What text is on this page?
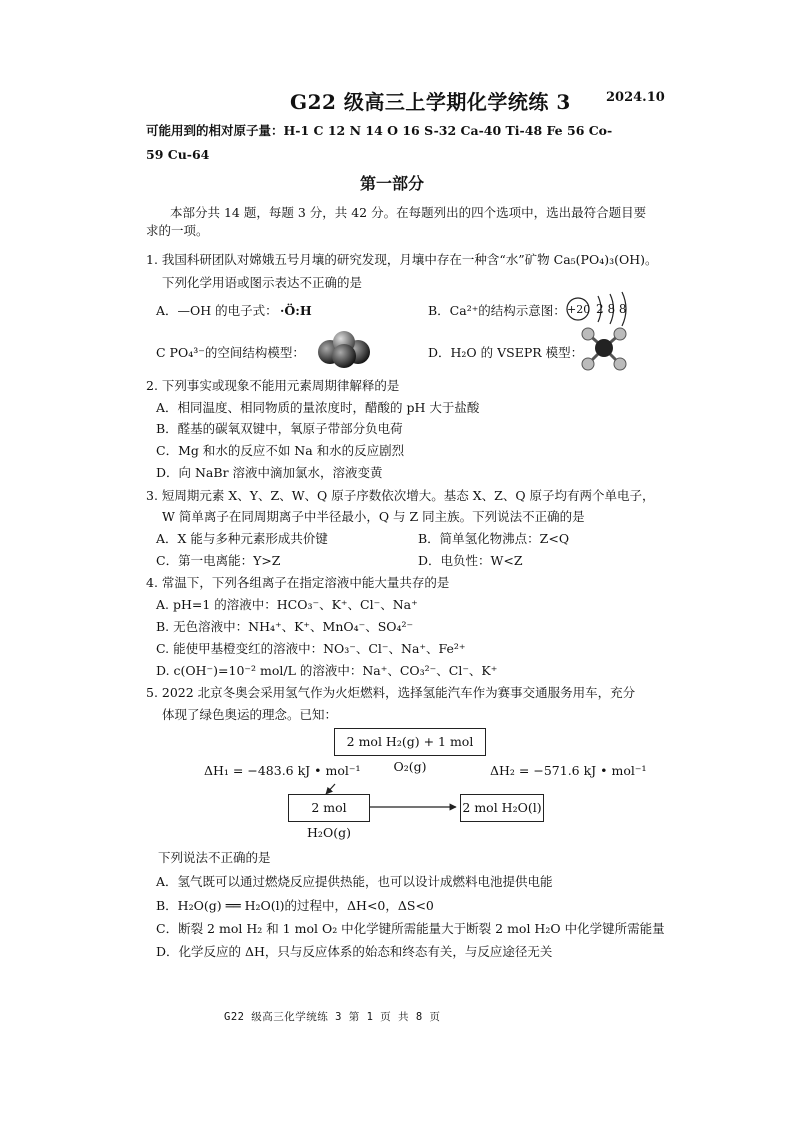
G22 级高三上学期化学统练 3	2024.10
可能用到的相对原子量：H-1 C 12 N 14 O 16 S-32 Ca-40 Ti-48 Fe 56 Co-
59 Cu-64
第一部分
本部分共 14 题，每题 3 分，共 42 分。在每题列出的四个选项中，选出最符合题目要
求的一项。
1. 我国科研团队对嫦娥五号月壤的研究发现，月壤中存在一种含“水”矿物 Ca₅(PO₄)₃(OH)。
下列化学用语或图示表达不正确的是
A．—OH 的电子式： ·Ö:H	B．Ca²⁺的结构示意图： +20 2 8 8
C PO₄³⁻的空间结构模型：	D．H₂O 的 VSEPR 模型：
2. 下列事实或现象不能用元素周期律解释的是
A．相同温度、相同物质的量浓度时，醋酸的 pH 大于盐酸
B．醛基的碳氧双键中，氧原子带部分负电荷
C．Mg 和水的反应不如 Na 和水的反应剧烈
D．向 NaBr 溶液中滴加氯水，溶液变黄
3. 短周期元素 X、Y、Z、W、Q 原子序数依次增大。基态 X、Z、Q 原子均有两个单电子，
W 简单离子在同周期离子中半径最小，Q 与 Z 同主族。下列说法不正确的是
A．X 能与多种元素形成共价键	B．简单氢化物沸点：Z<Q
C．第一电离能：Y>Z	D．电负性：W<Z
4. 常温下，下列各组离子在指定溶液中能大量共存的是
A. pH=1 的溶液中：HCO₃⁻、K⁺、Cl⁻、Na⁺
B. 无色溶液中：NH₄⁺、K⁺、MnO₄⁻、SO₄²⁻
C. 能使甲基橙变红的溶液中：NO₃⁻、Cl⁻、Na⁺、Fe²⁺
D. c(OH⁻)=10⁻² mol/L 的溶液中：Na⁺、CO₃²⁻、Cl⁻、K⁺
5. 2022 北京冬奥会采用氢气作为火炬燃料，选择氢能汽车作为赛事交通服务用车，充分
体现了绿色奥运的理念。已知：
2 mol H₂(g) + 1 mol O₂(g)
ΔH₁ = −483.6 kJ • mol⁻¹	ΔH₂ = −571.6 kJ • mol⁻¹
2 mol H₂O(g)
2 mol H₂O(l)
下列说法不正确的是
A．氢气既可以通过燃烧反应提供热能，也可以设计成燃料电池提供电能
B．H₂O(g) ══ H₂O(l)的过程中，ΔH<0，ΔS<0
C．断裂 2 mol H₂ 和 1 mol O₂ 中化学键所需能量大于断裂 2 mol H₂O 中化学键所需能量
D．化学反应的 ΔH，只与反应体系的始态和终态有关，与反应途径无关
G22 级高三化学统练 3 第 1 页 共 8 页
